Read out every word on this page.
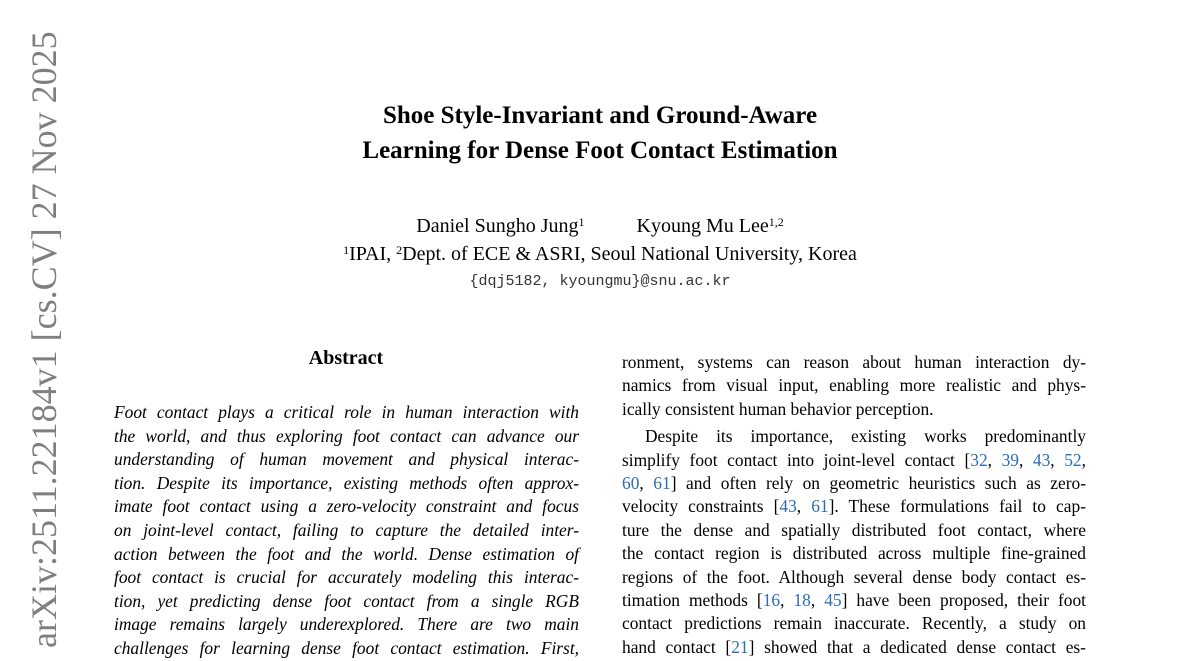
Shoe Style-Invariant and Ground-Aware
Learning for Dense Foot Contact Estimation
Daniel Sungho Jung$^1$	Kyoung Mu Lee$^{1,2}$
$^1$IPAI, $^2$Dept. of ECE & ASRI, Seoul National University, Korea
{dqj5182, kyoungmu}@snu.ac.kr
arXiv:2511.22184v1 [cs.CV] 27 Nov 2025	Abstract
Foot contact plays a critical role in human interaction with
the world, and thus exploring foot contact can advance our
understanding of human movement and physical interac-
tion. Despite its importance, existing methods often approx-
imate foot contact using a zero-velocity constraint and focus
on joint-level contact, failing to capture the detailed inter-
action between the foot and the world. Dense estimation of
foot contact is crucial for accurately modeling this interac-
tion, yet predicting dense foot contact from a single RGB
image remains largely underexplored. There are two main
challenges for learning dense foot contact estimation. First,
ronment, systems can reason about human interaction dy-
namics from visual input, enabling more realistic and phys-
ically consistent human behavior perception.
Despite its importance, existing works predominantly
simplify foot contact into joint-level contact [32, 39, 43, 52,
60, 61] and often rely on geometric heuristics such as zero-
velocity constraints [43, 61]. These formulations fail to cap-
ture the dense and spatially distributed foot contact, where
the contact region is distributed across multiple fine-grained
regions of the foot. Although several dense body contact es-
timation methods [16, 18, 45] have been proposed, their foot
contact predictions remain inaccurate. Recently, a study on
hand contact [21] showed that a dedicated dense contact es-
